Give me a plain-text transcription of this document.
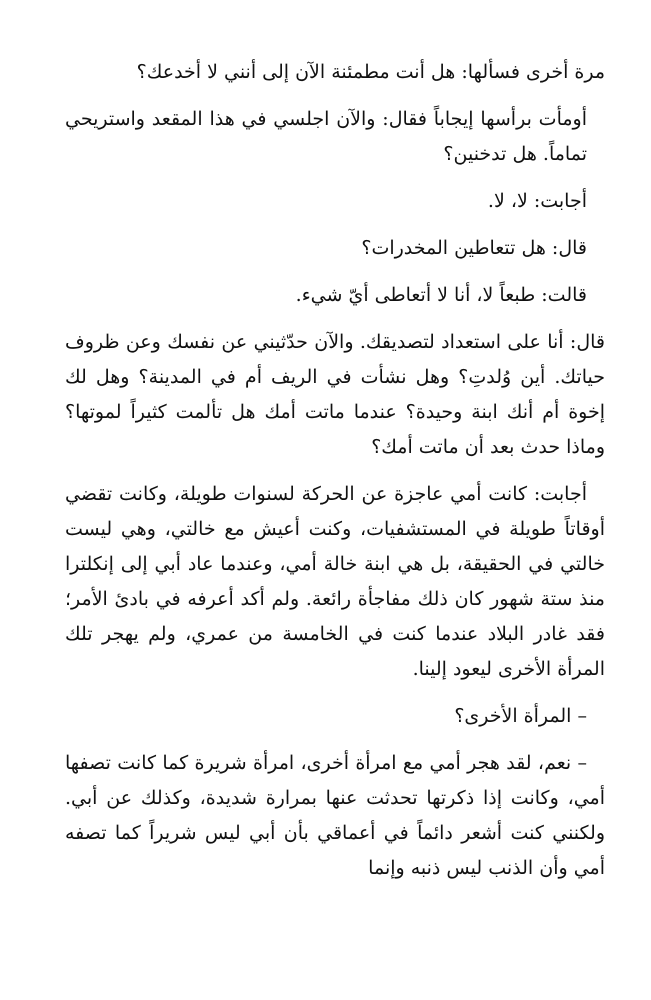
مرة أخرى فسألها: هل أنت مطمئنة الآن إلى أنني لا أخدعك؟

أومأت برأسها إيجاباً فقال: والآن اجلسي في هذا المقعد واستريحي تماماً. هل تدخنين؟

أجابت: لا، لا.

قال: هل تتعاطين المخدرات؟

قالت: طبعاً لا، أنا لا أتعاطى أيّ شيء.

قال: أنا على استعداد لتصديقك. والآن حدّثيني عن نفسك وعن ظروف حياتك. أين وُلدتِ؟ وهل نشأت في الريف أم في المدينة؟ وهل لك إخوة أم أنك ابنة وحيدة؟ عندما ماتت أمك هل تألمت كثيراً لموتها؟ وماذا حدث بعد أن ماتت أمك؟

أجابت: كانت أمي عاجزة عن الحركة لسنوات طويلة، وكانت تقضي أوقاتاً طويلة في المستشفيات، وكنت أعيش مع خالتي، وهي ليست خالتي في الحقيقة، بل هي ابنة خالة أمي، وعندما عاد أبي إلى إنكلترا منذ ستة شهور كان ذلك مفاجأة رائعة. ولم أكد أعرفه في بادئ الأمر؛ فقد غادر البلاد عندما كنت في الخامسة من عمري، ولم يهجر تلك المرأة الأخرى ليعود إلينا.

– المرأة الأخرى؟

– نعم، لقد هجر أمي مع امرأة أخرى، امرأة شريرة كما كانت تصفها أمي، وكانت إذا ذكرتها تحدثت عنها بمرارة شديدة، وكذلك عن أبي. ولكنني كنت أشعر دائماً في أعماقي بأن أبي ليس شريراً كما تصفه أمي وأن الذنب ليس ذنبه وإنما
